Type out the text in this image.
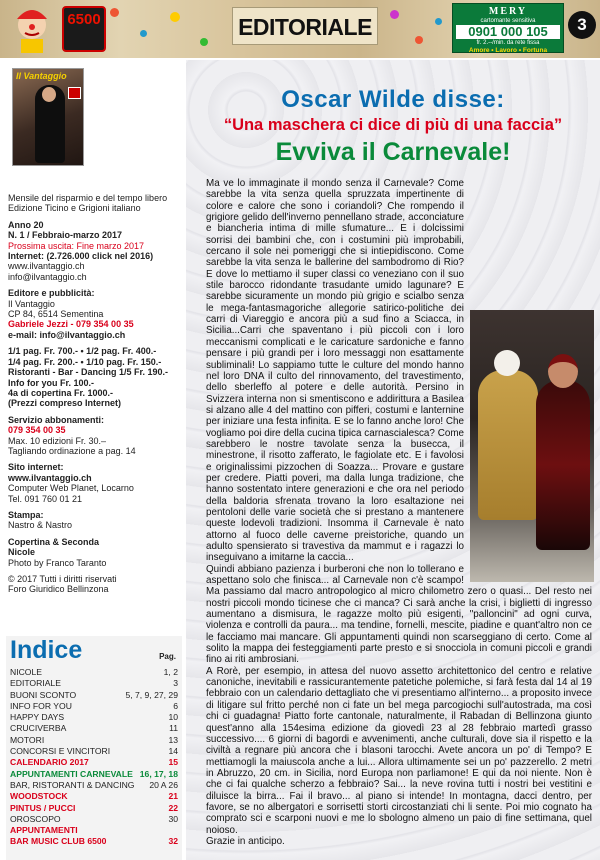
6500	EDITORIALE
MERY
cartomante sensitiva
0901 000 105
fr. 2.--/min. da rete fissa
Amore • Lavoro • Fortuna
3
Il Vantaggio

Mensile del risparmio e del tempo libero Edizione Ticino e Grigioni italiano

Anno 20
N. 1 / Febbraio-marzo 2017
Prossima uscita: Fine marzo 2017
Internet: (2.726.000 click nel 2016)
www.ilvantaggio.ch
info@ilvantaggio.ch

Editore e pubblicità:
Il Vantaggio
CP 84, 6514 Sementina
Gabriele Jezzi - 079 354 00 35
e-mail: info@ilvantaggio.ch

1/1 pag. Fr. 700.- • 1/2 pag. Fr. 400.-
1/4 pag. Fr. 200.- • 1/10 pag. Fr. 150.-
Ristoranti - Bar - Dancing 1/5 Fr. 190.-
Info for you Fr. 100.-
4a di copertina Fr. 1000.-
(Prezzi compreso Internet)

Servizio abbonamenti:
079 354 00 35
Max. 10 edizioni Fr. 30.–
Tagliando ordinazione a pag. 14

Sito internet:
www.ilvantaggio.ch
Computer Web Planet, Locarno
Tel. 091 760 01 21

Stampa:
Nastro & Nastro

Copertina & Seconda
Nicole
Photo by Franco Taranto

© 2017 Tutti i diritti riservati
Foro Giuridico Bellinzona

Indice	Pag.
NICOLE	1, 2
EDITORIALE	3
BUONI SCONTO	5, 7, 9, 27, 29
INFO FOR YOU	6
HAPPY DAYS	10
CRUCIVERBA	11
MOTORI	13
CONCORSI E VINCITORI	14
CALENDARIO 2017	15
APPUNTAMENTI CARNEVALE 16, 17, 18
BAR, RISTORANTI & DANCING 20 A 26
WOODSTOCK	21
PINTUS / PUCCI	22
OROSCOPO	30
APPUNTAMENTI
BAR MUSIC CLUB 6500	32
Oscar Wilde disse:
“Una maschera ci dice di più di una faccia”
Evviva il Carnevale!

Ma ve lo immaginate il mondo senza il Carnevale? Come sarebbe la vita senza quella spruzzata impertinente di colore e calore che sono i coriandoli? Che rompendo il grigiore gelido dell'inverno pennellano strade, acconciature e biancheria intima di mille sfumature... E i dolcissimi sorrisi dei bambini che, con i costumini più improbabili, cercano il sole nei pomeriggi che si intiepidiscono. Come sarebbe la vita senza le ballerine del sambodromo di Rio? E dove lo mettiamo il super classi co veneziano con il suo stile barocco ridondante trasudante umido lagunare? E sarebbe sicuramente un mondo più grigio e scialbo senza le mega-fantasmagoriche allegorie satirico-politiche dei carri di Viareggio e ancora più a sud fino a Sciacca, in Sicilia...Carri che spaventano i più piccoli con i loro meccanismi complicati e le caricature sardoniche e fanno pensare i più grandi per i loro messaggi non esattamente subliminali! Lo sappiamo tutte le culture del mondo hanno nel loro DNA il culto del rinnovamento, del travestimento, dello sberleffo al potere e delle autorità. Persino in Svizzera interna non si smentiscono e addirittura a Basilea si alzano alle 4 del mattino con pifferi, costumi e lanternine per iniziare una festa infinita. E se lo fanno anche loro! Che vogliamo poi dire della cucina tipica carnascialesca? Come sarebbero le nostre tavolate senza la busecca, il minestrone, il risotto zafferato, le fagiolate etc. E i favolosi e originalissimi pizzochen di Soazza... Provare e gustare per credere. Piatti poveri, ma dalla lunga tradizione, che hanno sostentato intere generazioni e che ora nel periodo della baldoria sfrenata trovano la loro esaltazione nei pentoloni delle varie società che si prestano a mantenere queste lodevoli tradizioni. Insomma il Carnevale è nato attorno al fuoco delle caverne preistoriche, quando un adulto spensierato si travestiva da mammut e i ragazzi lo inseguivano a imitarne la caccia...

Quindi abbiano pazienza i burberoni che non lo tollerano e aspettano solo che finisca... al Carnevale non c'è scampo! Ma passiamo dal macro antropologico al micro chilometro zero o quasi... Del resto nei nostri piccoli mondo ticinese che ci manca? Ci sarà anche la crisi, i biglietti di ingresso aumentano a dismisura, le ragazze molto più esigenti, "palloncini" ad ogni curva, violenza e controlli da paura... ma tendine, fornelli, mescite, piadine e quant'altro non ce le facciamo mai mancare. Gli appuntamenti quindi non scarseggiano di certo. Come al solito la mappa dei festeggiamenti parte presto e si snocciola in comuni piccoli e grandi fino ai riti ambrosiani.

A Rorè, per esempio, in attesa del nuovo assetto architettonico del centro e relative canoniche, inevitabili e rassicurantemente patetiche polemiche, si farà festa dal 14 al 19 febbraio con un calendario dettagliato che vi presentiamo all'interno... a proposito invece di litigare sul fritto perché non ci fate un bel mega parcogiochi sull'autostrada, ma così chi ci guadagna! Piatto forte cantonale, naturalmente, il Rabadan di Bellinzona giunto quest'anno alla 154esima edizione da giovedì 23 al 28 febbraio martedì grasso successivo.... 6 giorni di bagordi e avvenimenti, anche culturali, dove sia il rispetto e la civiltà a regnare più ancora che i blasoni tarocchi. Avete ancora un po' di Tempo? E mettiamogli la maiuscola anche a lui... Allora ultimamente sei un po' pazzerello. 2 metri in Abruzzo, 20 cm. in Sicilia, nord Europa non parliamone! E qui da noi niente. Non è che ci fai qualche scherzo a febbraio? Sai... la neve rovina tutti i nostri bei vestitini e diluisce la birra... Fai il bravo... al piano si intende! In montagna, dacci dentro, per favore, se no albergatori e sorrisetti storti circostanziati chi li sente. Poi mio cognato ha comprato sci e scarponi nuovi e me lo sbologno almeno un paio di fine settimana, quel noioso.

Grazie in anticipo.
